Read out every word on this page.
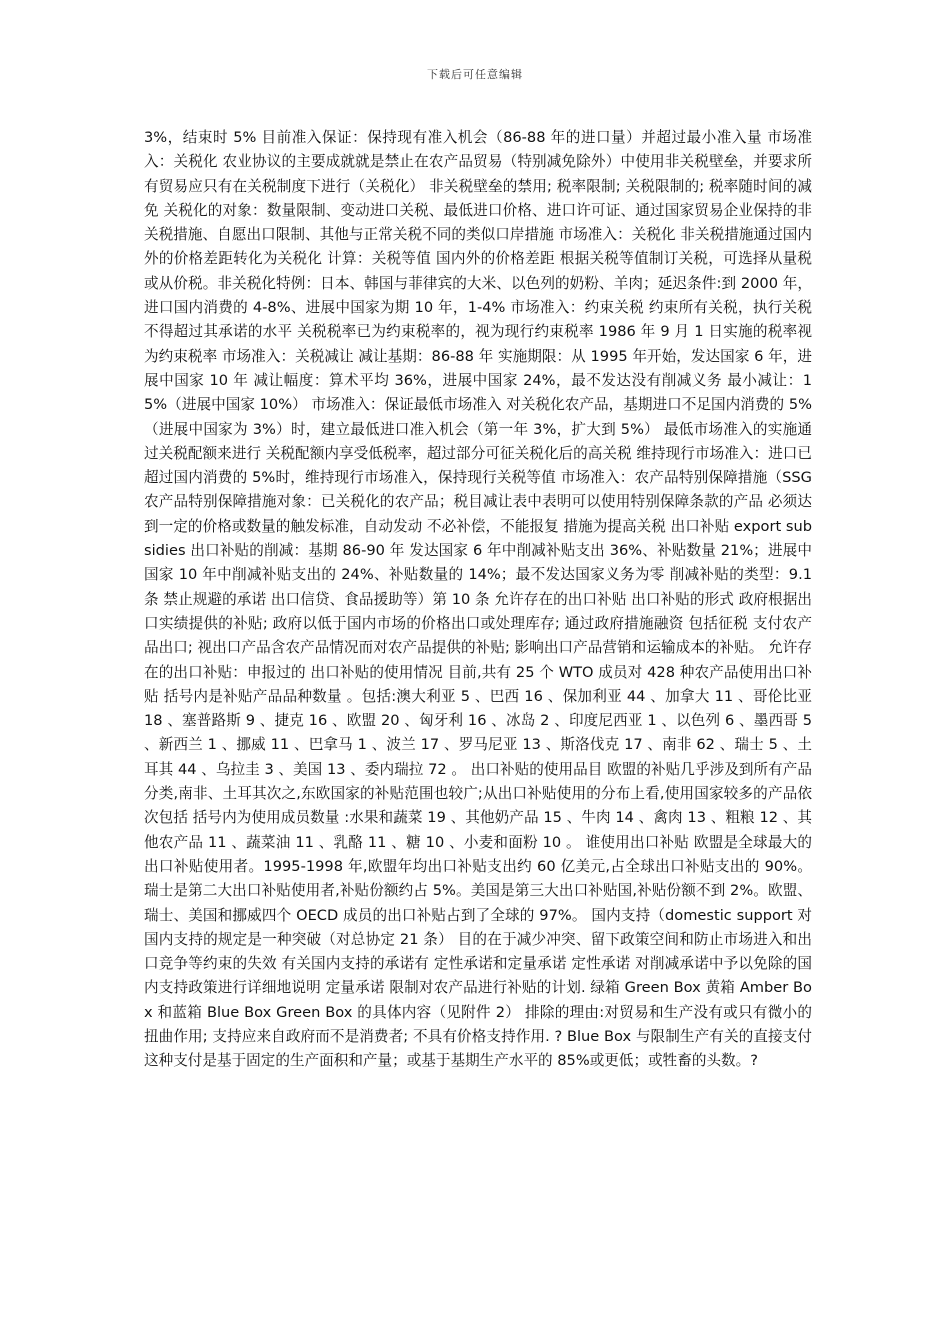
下载后可任意编辑

3%，结束时 5% 目前准入保证：保持现有准入机会（86-88 年的进口量）并超过最小准入量 市场准入：关税化 农业协议的主要成就就是禁止在农产品贸易（特别减免除外）中使用非关税壁垒，并要求所有贸易应只有在关税制度下进行（关税化） 非关税壁垒的禁用; 税率限制; 关税限制的; 税率随时间的减免 关税化的对象：数量限制、变动进口关税、最低进口价格、进口许可证、通过国家贸易企业保持的非关税措施、自愿出口限制、其他与正常关税不同的类似口岸措施 市场准入：关税化 非关税措施通过国内外的价格差距转化为关税化 计算：关税等值 国内外的价格差距 根据关税等值制订关税，可选择从量税或从价税。非关税化特例：日本、韩国与菲律宾的大米、以色列的奶粉、羊肉；延迟条件:到 2000 年，进口国内消费的 4-8%、进展中国家为期 10 年，1-4% 市场准入：约束关税 约束所有关税，执行关税不得超过其承诺的水平 关税税率已为约束税率的，视为现行约束税率 1986 年 9 月 1 日实施的税率视为约束税率 市场准入：关税减让 减让基期：86-88 年 实施期限：从 1995 年开始，发达国家 6 年，进展中国家 10 年 减让幅度：算术平均 36%，进展中国家 24%，最不发达没有削减义务 最小减让：15%（进展中国家 10%） 市场准入：保证最低市场准入 对关税化农产品，基期进口不足国内消费的 5%（进展中国家为 3%）时，建立最低进口准入机会（第一年 3%，扩大到 5%） 最低市场准入的实施通过关税配额来进行 关税配额内享受低税率，超过部分可征关税化后的高关税 维持现行市场准入：进口已超过国内消费的 5%时，维持现行市场准入，保持现行关税等值 市场准入：农产品特别保障措施（SSG 农产品特别保障措施对象：已关税化的农产品；税目减让表中表明可以使用特别保障条款的产品 必须达到一定的价格或数量的触发标准，自动发动 不必补偿，不能报复 措施为提高关税 出口补贴 export subsidies 出口补贴的削减：基期 86-90 年 发达国家 6 年中削减补贴支出 36%、补贴数量 21%；进展中国家 10 年中削减补贴支出的 24%、补贴数量的 14%；最不发达国家义务为零 削减补贴的类型：9.1 条 禁止规避的承诺 出口信贷、食品援助等）第 10 条 允许存在的出口补贴 出口补贴的形式 政府根据出口实绩提供的补贴; 政府以低于国内市场的价格出口或处理库存; 通过政府措施融资 包括征税 支付农产品出口; 视出口产品含农产品情况而对农产品提供的补贴; 影响出口产品营销和运输成本的补贴。 允许存在的出口补贴：申报过的 出口补贴的使用情况 目前,共有 25 个 WTO 成员对 428 种农产品使用出口补贴 括号内是补贴产品品种数量 。包括:澳大利亚 5 、巴西 16 、保加利亚 44 、加拿大 11 、哥伦比亚 18 、塞普路斯 9 、捷克 16 、欧盟 20 、匈牙利 16 、冰岛 2 、印度尼西亚 1 、以色列 6 、墨西哥 5 、新西兰 1 、挪威 11 、巴拿马 1 、波兰 17 、罗马尼亚 13 、斯洛伐克 17 、南非 62 、瑞士 5 、土耳其 44 、乌拉圭 3 、美国 13 、委内瑞拉 72 。 出口补贴的使用品目 欧盟的补贴几乎涉及到所有产品分类,南非、土耳其次之,东欧国家的补贴范围也较广;从出口补贴使用的分布上看,使用国家较多的产品依次包括 括号内为使用成员数量 :水果和蔬菜 19 、其他奶产品 15 、牛肉 14 、禽肉 13 、粗粮 12 、其他农产品 11 、蔬菜油 11 、乳酪 11 、糖 10 、小麦和面粉 10 。 谁使用出口补贴 欧盟是全球最大的出口补贴使用者。1995-1998 年,欧盟年均出口补贴支出约 60 亿美元,占全球出口补贴支出的 90%。瑞士是第二大出口补贴使用者,补贴份额约占 5%。美国是第三大出口补贴国,补贴份额不到 2%。欧盟、瑞士、美国和挪威四个 OECD 成员的出口补贴占到了全球的 97%。 国内支持（domestic support 对国内支持的规定是一种突破（对总协定 21 条） 目的在于减少冲突、留下政策空间和防止市场进入和出口竞争等约束的失效 有关国内支持的承诺有 定性承诺和定量承诺 定性承诺 对削减承诺中予以免除的国内支持政策进行详细地说明 定量承诺 限制对农产品进行补贴的计划. 绿箱 Green Box 黄箱 Amber Box 和蓝箱 Blue Box Green Box 的具体内容（见附件 2） 排除的理由:对贸易和生产没有或只有微小的扭曲作用; 支持应来自政府而不是消费者; 不具有价格支持作用. ? Blue Box 与限制生产有关的直接支付 这种支付是基于固定的生产面积和产量；或基于基期生产水平的 85%或更低；或牲畜的头数。?
